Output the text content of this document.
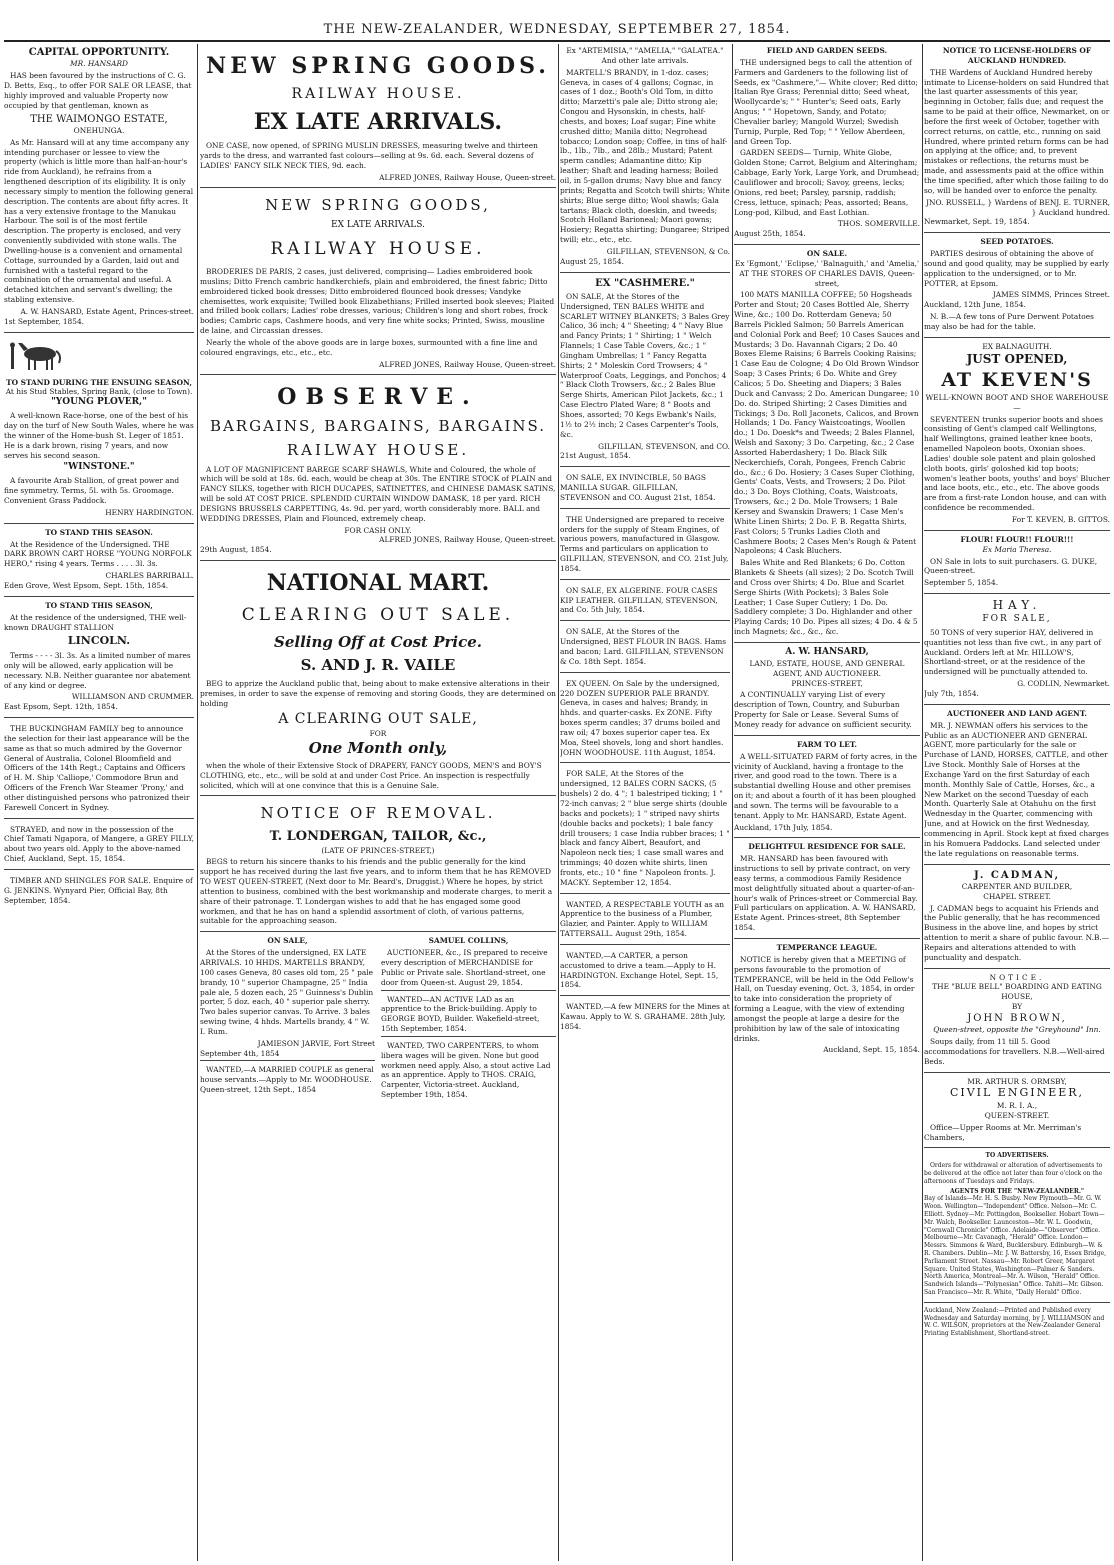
THE NEW-ZEALANDER, WEDNESDAY, SEPTEMBER 27, 1854.
CAPITAL OPPORTUNITY.
MR. HANSARD
HAS been favoured by the instructions of C. G. D. Betts, Esq., to offer FOR SALE OR LEASE, that highly improved and valuable Property now occupied by that gentleman, known as
THE WAIMONGO ESTATE,
ONEHUNGA.
As Mr. Hansard will at any time accompany any intending purchaser or lessee to view the property (which is little more than half-an-hour's ride from Auckland), he refrains from a lengthened description of its eligibility. It is only necessary simply to mention the following general description. The contents are about fifty acres. It has a very extensive frontage to the Manukau Harbour. The soil is of the most fertile description. The property is enclosed, and very conveniently subdivided with stone walls. The Dwelling-house is a convenient and ornamental Cottage, surrounded by a Garden, laid out and furnished with a tasteful regard to the combination of the ornamental and useful. A detached kitchen and servant's dwelling; the stabling extensive.
A. W. HANSARD, Estate Agent, Princes-street.
1st September, 1854.
TO STAND DURING THE ENSUING SEASON,
At his Stud Stables, Spring Bank, (close to Town).
"YOUNG PLOVER,"
A well-known Race-horse, one of the best of his day on the turf of New South Wales, where he was the winner of the Home-bush St. Leger of 1851. He is a dark brown, rising 7 years, and now serves his second season.
"WINSTONE."
A favourite Arab Stallion, of great power and fine symmetry. Terms, 5l. with 5s. Groomage. Convenient Grass Paddock.
HENRY HARDINGTON.
TO STAND THIS SEASON.
At the Residence of the Undersigned. THE DARK BROWN CART HORSE "YOUNG NORFOLK HERO," rising 4 years. Terms . . . . 3l. 3s.
CHARLES BARRIBALL.
Eden Grove, West Epsom, Sept. 15th, 1854.
TO STAND THIS SEASON,
At the residence of the undersigned, THE well-known DRAUGHT STALLION
LINCOLN.
Terms - - - - 3l. 3s. As a limited number of mares only will be allowed, early application will be necessary. N.B. Neither guarantee nor abatement of any kind or degree.
WILLIAMSON AND CRUMMER.
East Epsom, Sept. 12th, 1854.
THE BUCKINGHAM FAMILY beg to announce the selection for their last appearance will be the same as that so much admired by the Governor General of Australia, Colonel Bloomfield and Officers of the 14th Regt.; Captains and Officers of H. M. Ship 'Calliope,' Commodore Brun and Officers of the French War Steamer 'Prony,' and other distinguished persons who patronized their Farewell Concert in Sydney.
STRAYED, and now in the possession of the Chief Tamati Ngapora, of Mangere, a GREY FILLY, about two years old. Apply to the above-named Chief, Auckland, Sept. 15, 1854.
TIMBER AND SHINGLES FOR SALE. Enquire of G. JENKINS. Wynyard Pier, Official Bay, 8th September, 1854.
NEW SPRING GOODS.
RAILWAY HOUSE.
EX LATE ARRIVALS.
ONE CASE, now opened, of SPRING MUSLIN DRESSES, measuring twelve and thirteen yards to the dress, and warranted fast colours—selling at 9s. 6d. each. Several dozens of LADIES' FANCY SILK NECK TIES, 9d. each.
ALFRED JONES, Railway House, Queen-street.
NEW SPRING GOODS,
EX LATE ARRIVALS.
RAILWAY HOUSE.
BRODERIES DE PARIS, 2 cases, just delivered, comprising— Ladies embroidered book muslins; Ditto French cambric handkerchiefs, plain and embroidered, the finest fabric; Ditto embroidered ticked book dresses; Ditto embroidered flounced book dresses; Vandyke chemisettes, work exquisite; Twilled book Elizabethians; Frilled inserted book sleeves; Plaited and frilled book collars; Ladies' robe dresses, various; Children's long and short robes, frock bodies; Cambric caps, Cashmere hoods, and very fine white socks; Printed, Swiss, mousline de laine, and Circassian dresses.
Nearly the whole of the above goods are in large boxes, surmounted with a fine line and coloured engravings, etc., etc., etc.
ALFRED JONES, Railway House, Queen-street.
OBSERVE.
BARGAINS, BARGAINS, BARGAINS.
RAILWAY HOUSE.
A LOT OF MAGNIFICENT BAREGE SCARF SHAWLS, White and Coloured, the whole of which will be sold at 18s. 6d. each, would be cheap at 30s. The ENTIRE STOCK of PLAIN and FANCY SILKS, together with RICH DUCAPES, SATINETTES, and CHINESE DAMASK SATINS, will be sold AT COST PRICE. SPLENDID CURTAIN WINDOW DAMASK, 18 per yard. RICH DESIGNS BRUSSELS CARPETTING, 4s. 9d. per yard, worth considerably more. BALL and WEDDING DRESSES, Plain and Flounced, extremely cheap.
FOR CASH ONLY.
ALFRED JONES, Railway House, Queen-street.
29th August, 1854.
NATIONAL MART.
CLEARING OUT SALE.
Selling Off at Cost Price.
S. AND J. R. VAILE
BEG to apprize the Auckland public that, being about to make extensive alterations in their premises, in order to save the expense of removing and storing Goods, they are determined on holding
A CLEARING OUT SALE,
FOR
One Month only,
when the whole of their Extensive Stock of DRAPERY, FANCY GOODS, MEN'S and BOY'S CLOTHING, etc., etc., will be sold at and under Cost Price. An inspection is respectfully solicited, which will at one convince that this is a Genuine Sale.
NOTICE OF REMOVAL.
T. LONDERGAN, TAILOR, &c.,
(LATE OF PRINCES-STREET,)
BEGS to return his sincere thanks to his friends and the public generally for the kind support he has received during the last five years, and to inform them that he has REMOVED TO WEST QUEEN-STREET, (Next door to Mr. Beard's, Druggist.) Where he hopes, by strict attention to business, combined with the best workmanship and moderate charges, to merit a share of their patronage. T. Londergan wishes to add that he has engaged some good workmen, and that he has on hand a splendid assortment of cloth, of various patterns, suitable for the approaching season.
ON SALE,
At the Stores of the undersigned, EX LATE ARRIVALS. 10 HHDS. MARTELLS BRANDY, 100 cases Geneva, 80 cases old tom, 25 " pale brandy, 10 " superior Champagne, 25 " India pale ale, 5 dozen each, 25 " Guinness's Dublin porter, 5 doz. each, 40 " superior pale sherry. Two bales superior canvas. To Arrive. 3 bales sewing twine, 4 hhds. Martells brandy, 4 " W. I. Rum.
JAMIESON JARVIE, Fort Street
September 4th, 1854
WANTED,—A MARRIED COUPLE as general house servants.—Apply to Mr. WOODHOUSE. Queen-street, 12th Sept., 1854
SAMUEL COLLINS,
AUCTIONEER, &c., IS prepared to receive every description of MERCHANDISE for Public or Private sale. Shortland-street, one door from Queen-st. August 29, 1854.
WANTED—AN ACTIVE LAD as an apprentice to the Brick-building. Apply to GEORGE BOYD, Builder. Wakefield-street, 15th September, 1854.
WANTED, TWO CARPENTERS, to whom libera wages will be given. None but good workmen need apply. Also, a stout active Lad as an apprentice. Apply to THOS. CRAIG, Carpenter, Victoria-street. Auckland, September 19th, 1854.
Ex "ARTEMISIA," "AMELIA," "GALATEA." And other late arrivals.
MARTELL'S BRANDY, in 1-doz. cases; Geneva, in cases of 4 gallons; Cognac, in cases of 1 doz.; Booth's Old Tom, in ditto ditto; Marzetti's pale ale; Ditto strong ale; Congou and Hysonskin, in chests, half-chests, and boxes; Loaf sugar; Fine white crushed ditto; Manila ditto; Negrohead tobacco; London soap; Coffee, in tins of half-lb., 1lb., 7lb., and 28lb.; Mustard; Patent sperm candles; Adamantine ditto; Kip leather; Shaft and leading harness; Boiled oil, in 5-gallon drums; Navy blue and fancy prints; Regatta and Scotch twill shirts; White shirts; Blue serge ditto; Wool shawls; Gala tartans; Black cloth, doeskin, and tweeds; Scotch Holland Barioneal; Maori gowns; Hosiery; Regatta shirting; Dungaree; Striped twill; etc., etc., etc.
GILFILLAN, STEVENSON, & Co.
August 25, 1854.
EX "CASHMERE."
ON SALE, At the Stores of the Undersigned, TEN BALES WHITE and SCARLET WITNEY BLANKETS; 3 Bales Grey Calico, 36 inch; 4 " Sheeting; 4 " Navy Blue and Fancy Prints; 1 " Shirting; 1 " Welch Flannels; 1 Case Table Covers, &c.; 1 " Gingham Umbrellas; 1 " Fancy Regatta Shirts; 2 " Moleskin Cord Trowsers; 4 " Waterproof Coats, Leggings, and Ponchos; 4 " Black Cloth Trowsers, &c.; 2 Bales Blue Serge Shirts, American Pilot Jackets, &c.; 1 Case Electro Plated Ware; 8 " Boots and Shoes, assorted; 70 Kegs Ewbank's Nails, 1½ to 2½ inch; 2 Cases Carpenter's Tools, &c.
GILFILLAN, STEVENSON, and CO.
21st August, 1854.
ON SALE, EX INVINCIBLE, 50 BAGS MANILLA SUGAR. GILFILLAN, STEVENSON and CO. August 21st, 1854.
THE Undersigned are prepared to receive orders for the supply of Steam Engines, of various powers, manufactured in Glasgow. Terms and particulars on application to GILFILLAN, STEVENSON, and CO. 21st July, 1854.
ON SALE, EX ALGERINE. FOUR CASES KIP LEATHER. GILFILLAN, STEVENSON, and Co. 5th July, 1854.
ON SALE, At the Stores of the Undersigned, BEST FLOUR IN BAGS. Hams and bacon; Lard. GILFILLAN, STEVENSON & Co. 18th Sept. 1854.
EX QUEEN. On Sale by the undersigned, 220 DOZEN SUPERIOR PALE BRANDY. Geneva, in cases and halves; Brandy, in hhds. and quarter-casks. Ex ZONE. Fifty boxes sperm candles; 37 drums boiled and raw oil; 47 boxes superior caper tea. Ex Moa, Steel shovels, long and short handles. JOHN WOODHOUSE. 11th August, 1854.
FOR SALE, At the Stores of the undersigned, 12 BALES CORN SACKS, (5 bushels) 2 do. 4 "; 1 balestriped ticking; 1 " 72-inch canvas; 2 " blue serge shirts (double backs and pockets); 1 " striped navy shirts (double backs and pockets); 1 bale fancy drill trousers; 1 case India rubber braces; 1 " black and fancy Albert, Beaufort, and Napoleon neck ties; 1 case small wares and trimmings; 40 dozen white shirts, linen fronts, etc.; 10 " fine " Napoleon fronts. J. MACKY. September 12, 1854.
WANTED, A RESPECTABLE YOUTH as an Apprentice to the business of a Plumber, Glazier, and Painter. Apply to WILLIAM TATTERSALL. August 29th, 1854.
WANTED,—A CARTER, a person accustomed to drive a team.—Apply to H. HARDINGTON. Exchange Hotel, Sept. 15, 1854.
WANTED,—A few MINERS for the Mines at Kawau. Apply to W. S. GRAHAME. 28th July, 1854.
FIELD AND GARDEN SEEDS.
THE undersigned begs to call the attention of Farmers and Gardeners to the following list of Seeds, ex "Cashmere,"— White clover; Red ditto; Italian Rye Grass; Perennial ditto; Seed wheat, Woollycarde's; " " Hunter's; Seed oats, Early Angus; " " Hopetown, Sandy, and Potato; Chevalier barley; Mangold Wurzel; Swedish Turnip, Purple, Red Top; " " Yellow Aberdeen, and Green Top.
GARDEN SEEDS— Turnip, White Globe, Golden Stone; Carrot, Belgium and Alteringham; Cabbage, Early York, Large York, and Drumhead; Cauliflower and brocoli; Savoy, greens, lecks; Onions, red beet; Parsley, parsnip, raddish; Cress, lettuce, spinach; Peas, assorted; Beans, Long-pod, Kilbud, and East Lothian.
THOS. SOMERVILLE.
August 25th, 1854.
ON SALE.
Ex 'Egmont,' 'Eclipse,' 'Balnaguith,' and 'Amelia,'
AT THE STORES OF CHARLES DAVIS, Queen-street,
100 MATS MANILLA COFFEE; 50 Hogsheads Porter and Stout; 20 Cases Bottled Ale, Sherry Wine, &c.; 100 Do. Rotterdam Geneva; 50 Barrels Pickled Salmon; 50 Barrels American and Colonial Pork and Beef; 10 Cases Sauces and Mustards; 3 Do. Havannah Cigars; 2 Do. 40 Boxes Eleme Raisins; 6 Barrels Cooking Raisins; 1 Case Eau de Cologne; 4 Do Old Brown Windsor Soap; 3 Cases Prints; 6 Do. White and Grey Calicos; 5 Do. Sheeting and Diapers; 3 Bales Duck and Canvass; 2 Do. American Dungaree; 10 Do. do. Striped Shirting; 2 Cases Dimities and Tickings; 3 Do. Roll Jaconets, Calicos, and Brown Hollands; 1 Do. Fancy Waistcoatings, Woollen do.; 1 Do. Doesk*s and Tweeds; 2 Bales Flannel, Welsh and Saxony; 3 Do. Carpeting, &c.; 2 Case Assorted Haberdashery; 1 Do. Black Silk Neckerchiefs, Corah, Pongees, French Cabric do., &c.; 6 Do. Hosiery; 3 Cases Super Clothing, Gents' Coats, Vests, and Trowsers; 2 Do. Pilot do.; 3 Do. Boys Clothing, Coats, Waistcoats, Trowsers, &c.; 2 Do. Mole Trowsers; 1 Bale Kersey and Swanskin Drawers; 1 Case Men's White Linen Shirts; 2 Do. F. B. Regatta Shirts, Fast Colors; 5 Trunks Ladies Cloth and Cashmere Boots; 2 Cases Men's Rough & Patent Napoleons; 4 Cask Bluchers.
Bales White and Red Blankets; 6 Do. Cotton Blankets & Sheets (all sizes); 2 Do. Scotch Twill and Cross over Shirts; 4 Do. Blue and Scarlet Serge Shirts (With Pockets); 3 Bales Sole Leather; 1 Case Super Cutlery; 1 Do. Do. Saddlery complete; 3 Do. Highlander and other Playing Cards; 10 Do. Pipes all sizes; 4 Do. 4 & 5 inch Magnets; &c., &c., &c.
A. W. HANSARD,
LAND, ESTATE, HOUSE, AND GENERAL AGENT, AND AUCTIONEER.
PRINCES-STREET,
A CONTINUALLY varying List of every description of Town, Country, and Suburban Property for Sale or Lease. Several Sums of Money ready for advance on sufficient security.
FARM TO LET.
A WELL-SITUATED FARM of forty acres, in the vicinity of Auckland, having a frontage to the river, and good road to the town. There is a substantial dwelling House and other premises on it; and about a fourth of it has been ploughed and sown. The terms will be favourable to a tenant. Apply to Mr. HANSARD, Estate Agent.
Auckland, 17th July, 1854.
DELIGHTFUL RESIDENCE FOR SALE.
MR. HANSARD has been favoured with instructions to sell by private contract, on very easy terms, a commodious Family Residence most delightfully situated about a quarter-of-an-hour's walk of Princes-street or Commercial Bay. Full particulars on application. A. W. HANSARD, Estate Agent. Princes-street, 8th September 1854.
TEMPERANCE LEAGUE.
NOTICE is hereby given that a MEETING of persons favourable to the promotion of TEMPERANCE, will be held in the Odd Fellow's Hall, on Tuesday evening, Oct. 3, 1854, in order to take into consideration the propriety of forming a League, with the view of extending amongst the people at large a desire for the prohibition by law of the sale of intoxicating drinks.
Auckland, Sept. 15, 1854.
NOTICE TO LICENSE-HOLDERS OF AUCKLAND HUNDRED.
THE Wardens of Auckland Hundred hereby intimate to License-holders on said Hundred that the last quarter assessments of this year, beginning in October, falls due; and request the same to be paid at their office, Newmarket, on or before the first week of October, together with correct returns, on cattle, etc., running on said Hundred, where printed return forms can be had on applying at the office; and, to prevent mistakes or reflections, the returns must be made, and assessments paid at the office within the time specified, after which those failing to do so, will be handed over to enforce the penalty.
JNO. RUSSELL, } Wardens of BENJ. E. TURNER, } Auckland hundred.
Newmarket, Sept. 19, 1854.
SEED POTATOES.
PARTIES desirous of obtaining the above of sound and good quality, may be supplied by early application to the undersigned, or to Mr. POTTER, at Epsom.
JAMES SIMMS, Princes Street.
Auckland, 12th June, 1854.
N. B.—A few tons of Pure Derwent Potatoes may also be had for the table.
EX BALNAGUITH.
JUST OPENED,
AT KEVEN'S
WELL-KNOWN BOOT AND SHOE WAREHOUSE—
SEVENTEEN trunks superior boots and shoes consisting of Gent's clamped calf Wellingtons, half Wellingtons, grained leather knee boots, enamelled Napoleon boots, Oxonian shoes. Ladies' double sole patent and plain goloshed cloth boots, girls' goloshed kid top boots; women's leather boots, youths' and boys' Blucher and lace boots, etc., etc., etc. The above goods are from a first-rate London house, and can with confidence be recommended.
For T. KEVEN, B. GITTOS.
FLOUR! FLOUR!! FLOUR!!!
Ex Maria Theresa.
ON Sale in lots to suit purchasers. G. DUKE, Queen-street.
September 5, 1854.
HAY.
FOR SALE,
50 TONS of very superior HAY, delivered in quantities not less than five cwt., in any part of Auckland. Orders left at Mr. HILLOW'S, Shortland-street, or at the residence of the undersigned will be punctually attended to.
G. CODLIN, Newmarket.
July 7th, 1854.
AUCTIONEER AND LAND AGENT.
MR. J. NEWMAN offers his services to the Public as an AUCTIONEER AND GENERAL AGENT, more particularly for the sale or Purchase of LAND, HORSES, CATTLE, and other Live Stock. Monthly Sale of Horses at the Exchange Yard on the first Saturday of each month. Monthly Sale of Cattle, Horses, &c., a New Market on the second Tuesday of each Month. Quarterly Sale at Otahuhu on the first Wednesday in the Quarter, commencing with June, and at Howick on the first Wednesday, commencing in April. Stock kept at fixed charges in his Romuera Paddocks. Land selected under the late regulations on reasonable terms.
J. CADMAN,
CARPENTER AND BUILDER,
CHAPEL STREET.
J. CADMAN begs to acquaint his Friends and the Public generally, that he has recommenced Business in the above line, and hopes by strict attention to merit a share of public favour. N.B.—Repairs and alterations attended to with punctuality and despatch.
NOTICE.
THE "BLUE BELL" BOARDING AND EATING HOUSE,
BY
JOHN BROWN,
Queen-street, opposite the "Greyhound" Inn.
Soups daily, from 11 till 5. Good accommodations for travellers. N.B.—Well-aired Beds.
MR. ARTHUR S. ORMSBY,
CIVIL ENGINEER,
M. R. I. A.,
QUEEN-STREET.
Office—Upper Rooms at Mr. Merriman's Chambers,
TO ADVERTISERS.
Orders for withdrawal or alteration of advertisements to be delivered at the office not later than four o'clock on the afternoons of Tuesdays and Fridays.
AGENTS FOR THE "NEW-ZEALANDER."
Bay of Islands—Mr. H. S. Busby. New Plymouth—Mr. G. W. Woon. Wellington—"Independent" Office. Nelson—Mr. C. Elliott. Sydney—Mr. Pottingdon, Bookseller. Hobart Town—Mr. Walch, Bookseller. Launceston—Mr. W. L. Goodwin, "Cornwall Chronicle" Office. Adelaide—"Observer" Office. Melbourne—Mr. Cavanagh, "Herald" Office. London—Messrs. Simmons & Ward, Bucklersbury. Edinburgh—W. & R. Chambers. Dublin—Mr. J. W. Battersby, 16, Essex Bridge, Parliament Street. Nassau—Mr. Robert Greer, Margaret Square. United States, Washington—Palmer & Sanders. North America, Montreal—Mr. A. Wilson, "Herald" Office. Sandwich Islands—"Polynesian" Office. Tahiti—Mr. Gibson. San Francisco—Mr. R. White, "Daily Herald" Office.
Auckland, New Zealand:—Printed and Published every Wednesday and Saturday morning, by J. WILLIAMSON and W. C. WILSON, proprietors at the New-Zealander General Printing Establishment, Shortland-street.
